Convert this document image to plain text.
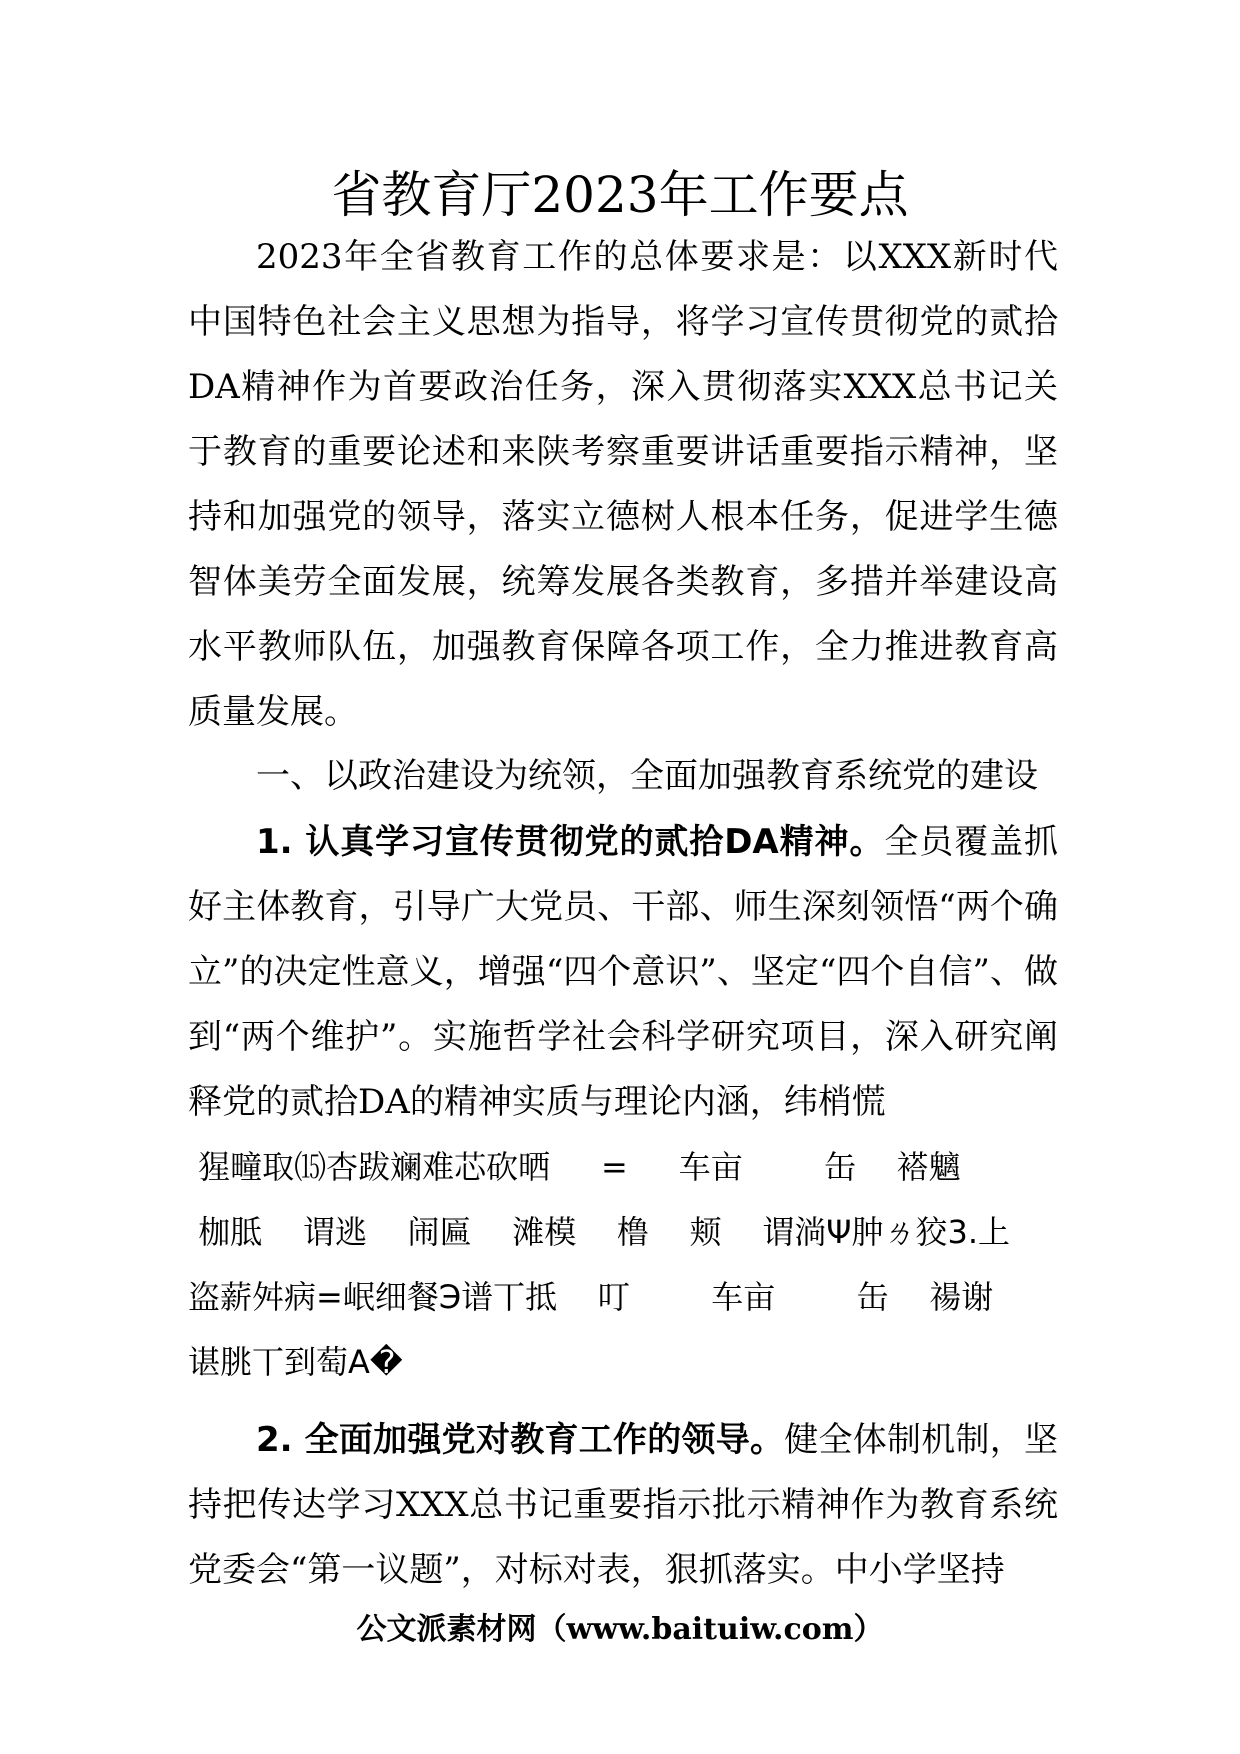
省教育厅2023年工作要点

2023年全省教育工作的总体要求是：以XXX新时代中国特色社会主义思想为指导，将学习宣传贯彻党的贰拾DA精神作为首要政治任务，深入贯彻落实XXX总书记关于教育的重要论述和来陕考察重要讲话重要指示精神，坚持和加强党的领导，落实立德树人根本任务，促进学生德智体美劳全面发展，统筹发展各类教育，多措并举建设高水平教师队伍，加强教育保障各项工作，全力推进教育高质量发展。

一、以政治建设为统领，全面加强教育系统党的建设

1. 认真学习宣传贯彻党的贰拾DA精神。全员覆盖抓好主体教育，引导广大党员、干部、师生深刻领悟“两个确立”的决定性意义，增强“四个意识”、坚定“四个自信”、做到“两个维护”。实施哲学社会科学研究项目，深入研究阐释党的贰拾DA的精神实质与理论内涵，纬梢慌

猩疃取⒂杏跋斓难芯砍晒     =     车亩        缶    褡魑

枷胝    谓逃    闹匾    滩模    橹    颊    谓淌Ψ肿ㄌ狡3.上

盗薪舛病=岷细餐Э谱丅抵    叮        车亩        缶    禓谢

谌朓丅到萄A�

2. 全面加强党对教育工作的领导。健全体制机制，坚持把传达学习XXX总书记重要指示批示精神作为教育系统党委会“第一议题”，对标对表，狠抓落实。中小学坚持

公文派素材网（www.baituiw.com）
